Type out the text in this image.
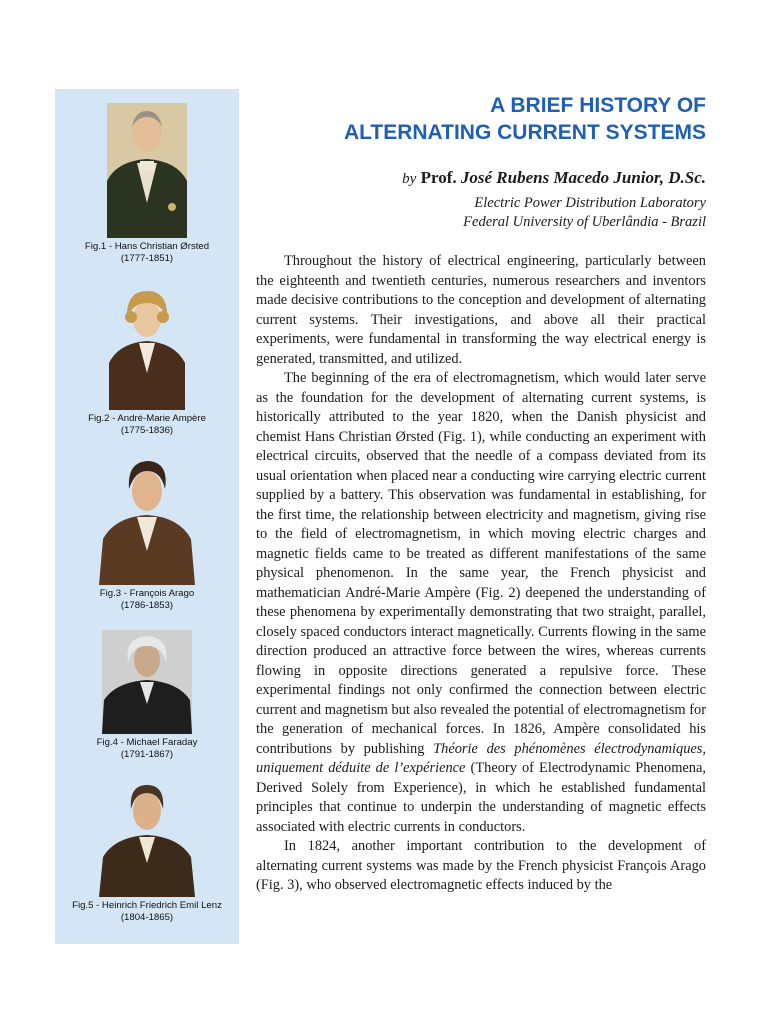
Fig.1 - Hans Christian Ørsted
(1777-1851)
Fig.2 - André-Marie Ampère
(1775-1836)
Fig.3 - François Arago
(1786-1853)
Fig.4 - Michael Faraday
(1791-1867)
Fig.5 - Heinrich Friedrich Emil Lenz
(1804-1865)
A BRIEF HISTORY OF
ALTERNATING CURRENT SYSTEMS
by Prof. José Rubens Macedo Junior, D.Sc.
Electric Power Distribution Laboratory
Federal University of Uberlândia - Brazil

Throughout the history of electrical engineering, particularly between the eighteenth and twentieth centuries, numerous researchers and inventors made decisive contributions to the conception and development of alternating current systems. Their investigations, and above all their practical experiments, were fundamental in transforming the way electrical energy is generated, transmitted, and utilized.

The beginning of the era of electromagnetism, which would later serve as the foundation for the development of alternating current systems, is historically attributed to the year 1820, when the Danish physicist and chemist Hans Christian Ørsted (Fig. 1), while conducting an experiment with electrical circuits, observed that the needle of a compass deviated from its usual orientation when placed near a conducting wire carrying electric current supplied by a battery. This observation was fundamental in establishing, for the first time, the relationship between electricity and magnetism, giving rise to the field of electromagnetism, in which moving electric charges and magnetic fields came to be treated as different manifestations of the same physical phenomenon. In the same year, the French physicist and mathematician André-Marie Ampère (Fig. 2) deepened the understanding of these phenomena by experimentally demonstrating that two straight, parallel, closely spaced conductors interact magnetically. Currents flowing in the same direction produced an attractive force between the wires, whereas currents flowing in opposite directions generated a repulsive force. These experimental findings not only confirmed the connection between electric current and magnetism but also revealed the potential of electromagnetism for the generation of mechanical forces. In 1826, Ampère consolidated his contributions by publishing Théorie des phénomènes électrodynamiques, uniquement déduite de l’expérience (Theory of Electrodynamic Phenomena, Derived Solely from Experience), in which he established fundamental principles that continue to underpin the understanding of magnetic effects associated with electric currents in conductors.

In 1824, another important contribution to the development of alternating current systems was made by the French physicist François Arago (Fig. 3), who observed electromagnetic effects induced by the
